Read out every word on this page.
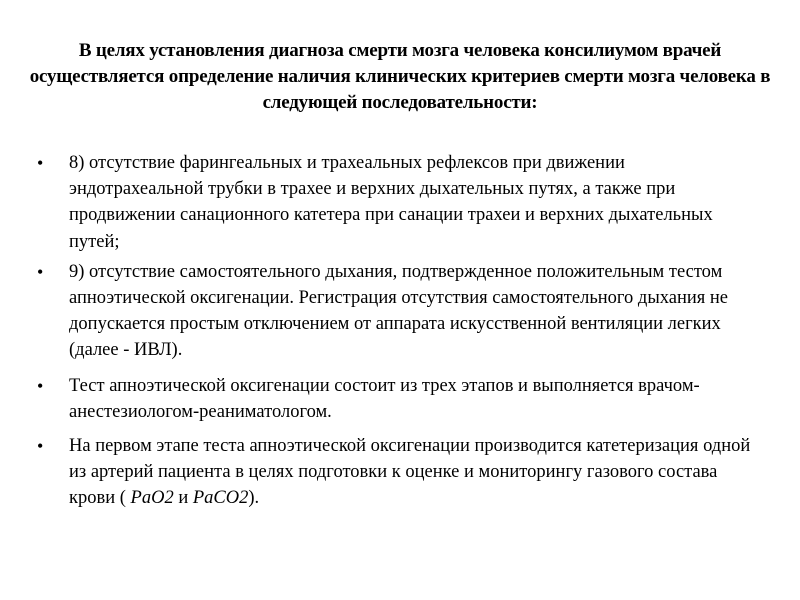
В целях установления диагноза смерти мозга человека консилиумом врачей осуществляется определение наличия клинических критериев смерти мозга человека в следующей последовательности:
• 8) отсутствие фарингеальных и трахеальных рефлексов при движении эндотрахеальной трубки в трахее и верхних дыхательных путях, а также при продвижении санационного катетера при санации трахеи и верхних дыхательных путей;
• 9) отсутствие самостоятельного дыхания, подтвержденное положительным тестом апноэтической оксигенации. Регистрация отсутствия самостоятельного дыхания не допускается простым отключением от аппарата искусственной вентиляции легких (далее - ИВЛ).
• Тест апноэтической оксигенации состоит из трех этапов и выполняется врачом-анестезиологом-реаниматологом.
• На первом этапе теста апноэтической оксигенации производится катетеризация одной из артерий пациента в целях подготовки к оценке и мониторингу газового состава крови ( PaO2 и PaCO2).
